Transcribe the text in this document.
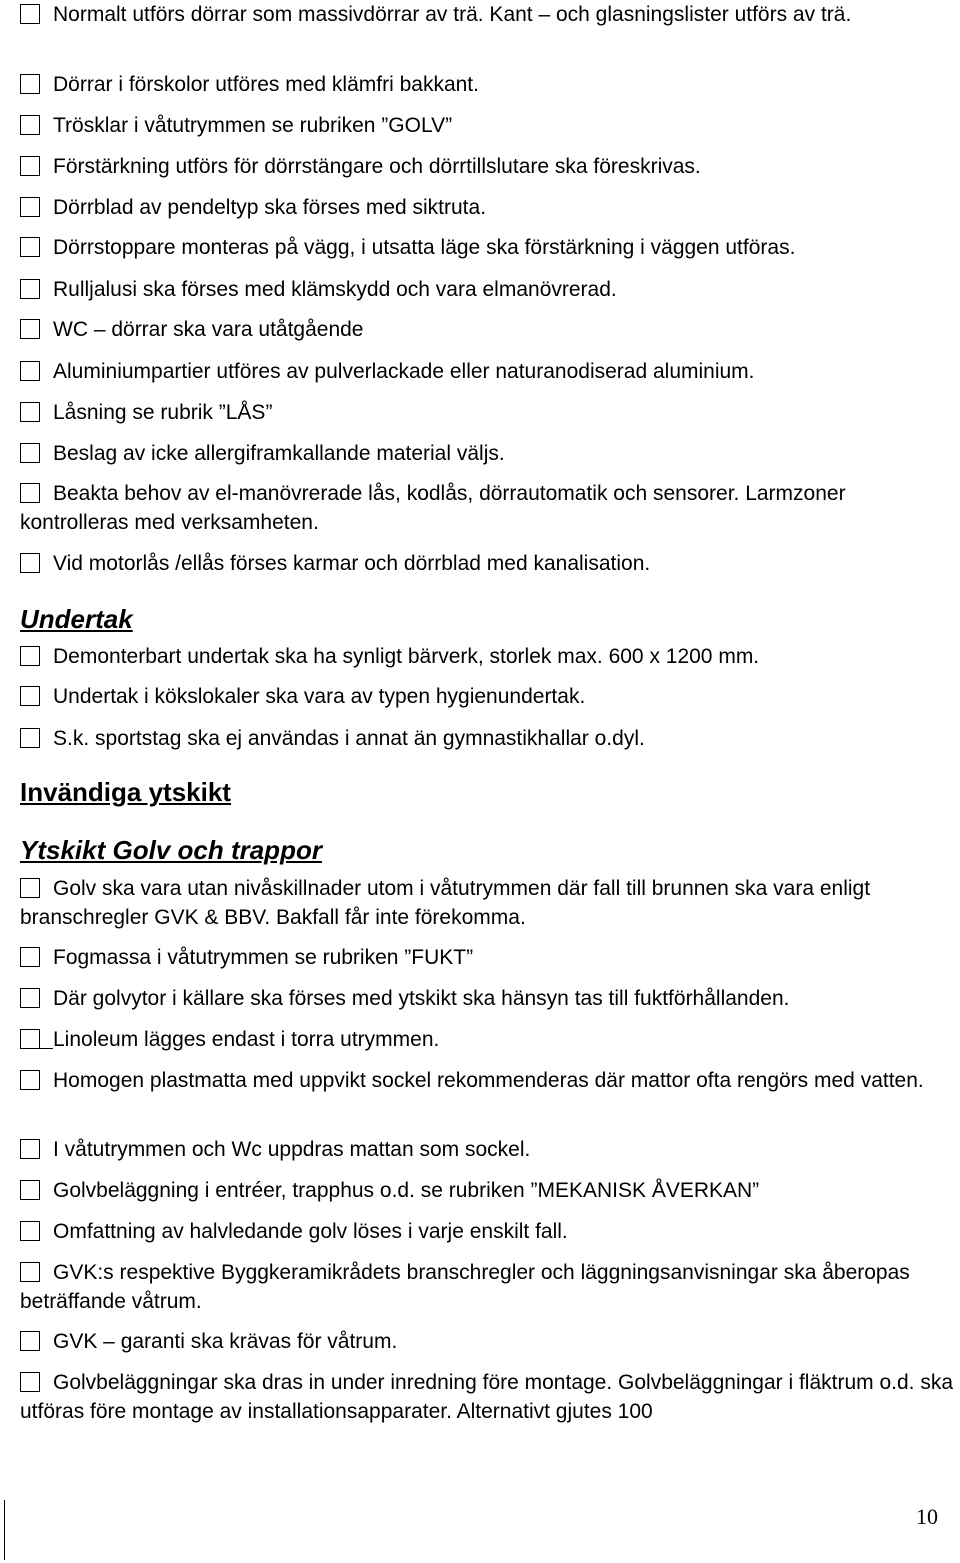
Normalt utförs dörrar som massivdörrar av trä. Kant – och glasningslister utförs av trä.
Dörrar i förskolor utföres med klämfri bakkant.
Trösklar i våtutrymmen se rubriken ”GOLV”
Förstärkning utförs för dörrstängare och dörrtillslutare ska föreskrivas.
Dörrblad av pendeltyp ska förses med siktruta.
Dörrstoppare monteras på vägg, i utsatta läge ska förstärkning i väggen utföras.
Rulljalusi ska förses med klämskydd och vara elmanövrerad.
WC – dörrar ska vara utåtgående
Aluminiumpartier utföres av pulverlackade eller naturanodiserad aluminium.
Låsning se rubrik ”LÅS”
Beslag av icke allergiframkallande material väljs.
Beakta behov av el-manövrerade lås, kodlås, dörrautomatik och sensorer. Larmzoner kontrolleras med verksamheten.
Vid motorlås /ellås förses karmar och dörrblad med kanalisation.
Undertak
Demonterbart undertak ska ha synligt bärverk, storlek max. 600 x 1200 mm.
Undertak i kökslokaler ska vara av typen hygienundertak.
S.k. sportstag ska ej användas i annat än gymnastikhallar o.dyl.
Invändiga ytskikt
Ytskikt Golv och trappor
Golv ska vara utan nivåskillnader utom i våtutrymmen där fall till brunnen ska vara enligt branschregler GVK & BBV. Bakfall får inte förekomma.
Fogmassa i våtutrymmen se rubriken ”FUKT”
Där golvytor i källare ska förses med ytskikt ska hänsyn tas till fuktförhållanden.
Linoleum lägges endast i torra utrymmen.
Homogen plastmatta med uppvikt sockel rekommenderas där mattor ofta rengörs med vatten.
I våtutrymmen och Wc uppdras mattan som sockel.
Golvbeläggning i entréer, trapphus o.d. se rubriken ”MEKANISK ÅVERKAN”
Omfattning av halvledande golv löses i varje enskilt fall.
GVK:s respektive Byggkeramikrådets branschregler och läggningsanvisningar ska åberopas beträffande våtrum.
GVK – garanti ska krävas för våtrum.
Golvbeläggningar ska dras in under inredning före montage. Golvbeläggningar i fläktrum o.d. ska utföras före montage av installationsapparater. Alternativt gjutes 100
10
